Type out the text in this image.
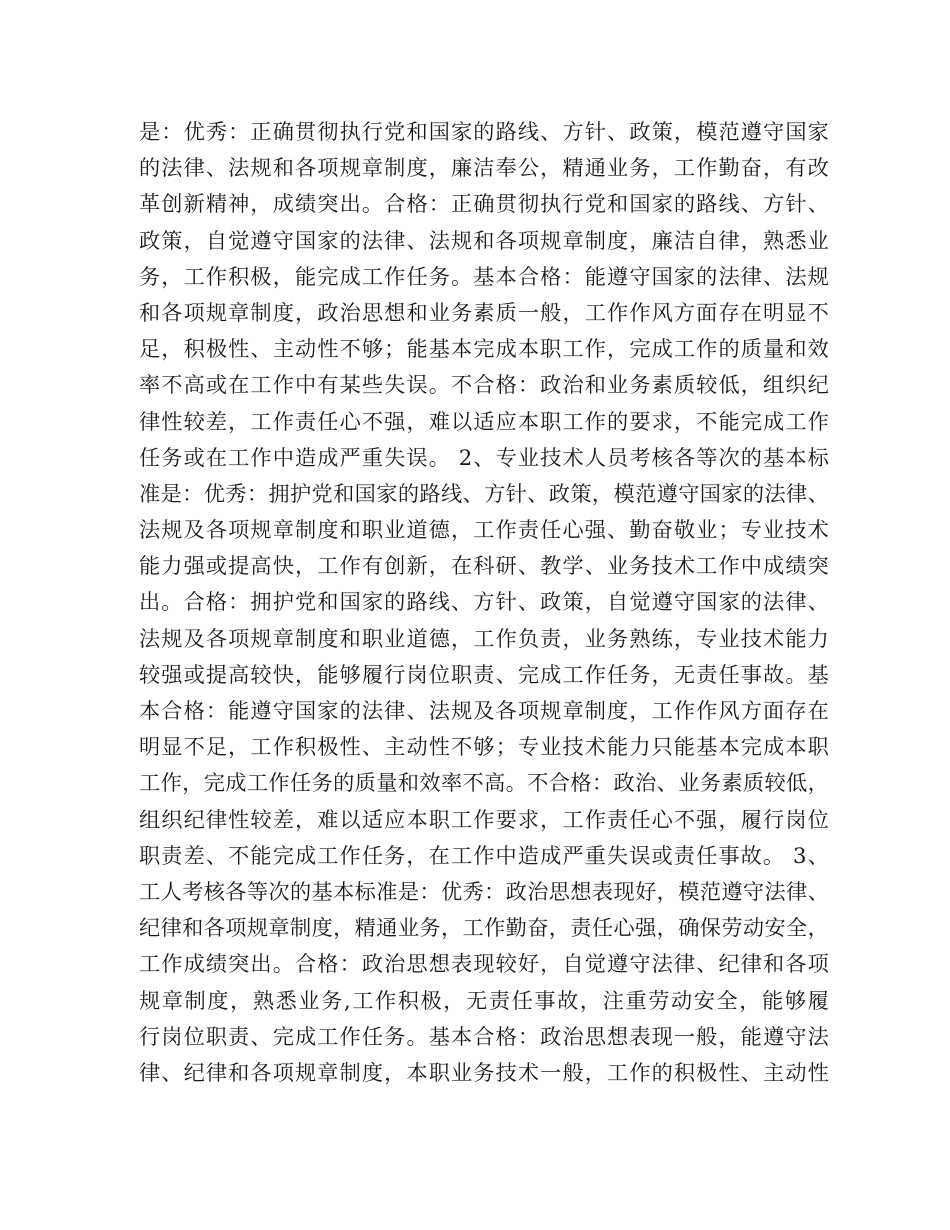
是：优秀：正确贯彻执行党和国家的路线、方针、政策，模范遵守国家
的法律、法规和各项规章制度，廉洁奉公，精通业务，工作勤奋，有改
革创新精神，成绩突出。合格：正确贯彻执行党和国家的路线、方针、
政策，自觉遵守国家的法律、法规和各项规章制度，廉洁自律，熟悉业
务，工作积极，能完成工作任务。基本合格：能遵守国家的法律、法规
和各项规章制度，政治思想和业务素质一般，工作作风方面存在明显不
足，积极性、主动性不够；能基本完成本职工作，完成工作的质量和效
率不高或在工作中有某些失误。不合格：政治和业务素质较低，组织纪
律性较差，工作责任心不强，难以适应本职工作的要求，不能完成工作
任务或在工作中造成严重失误。 2、专业技术人员考核各等次的基本标
准是：优秀：拥护党和国家的路线、方针、政策，模范遵守国家的法律、
法规及各项规章制度和职业道德，工作责任心强、勤奋敬业；专业技术
能力强或提高快，工作有创新，在科研、教学、业务技术工作中成绩突
出。合格：拥护党和国家的路线、方针、政策，自觉遵守国家的法律、
法规及各项规章制度和职业道德，工作负责，业务熟练，专业技术能力
较强或提高较快，能够履行岗位职责、完成工作任务，无责任事故。基
本合格：能遵守国家的法律、法规及各项规章制度，工作作风方面存在
明显不足，工作积极性、主动性不够；专业技术能力只能基本完成本职
工作，完成工作任务的质量和效率不高。不合格：政治、业务素质较低，
组织纪律性较差，难以适应本职工作要求，工作责任心不强，履行岗位
职责差、不能完成工作任务，在工作中造成严重失误或责任事故。 3、
工人考核各等次的基本标准是：优秀：政治思想表现好，模范遵守法律、
纪律和各项规章制度，精通业务，工作勤奋，责任心强，确保劳动安全，
工作成绩突出。合格：政治思想表现较好，自觉遵守法律、纪律和各项
规章制度，熟悉业务,工作积极，无责任事故，注重劳动安全，能够履
行岗位职责、完成工作任务。基本合格：政治思想表现一般，能遵守法
律、纪律和各项规章制度，本职业务技术一般，工作的积极性、主动性
